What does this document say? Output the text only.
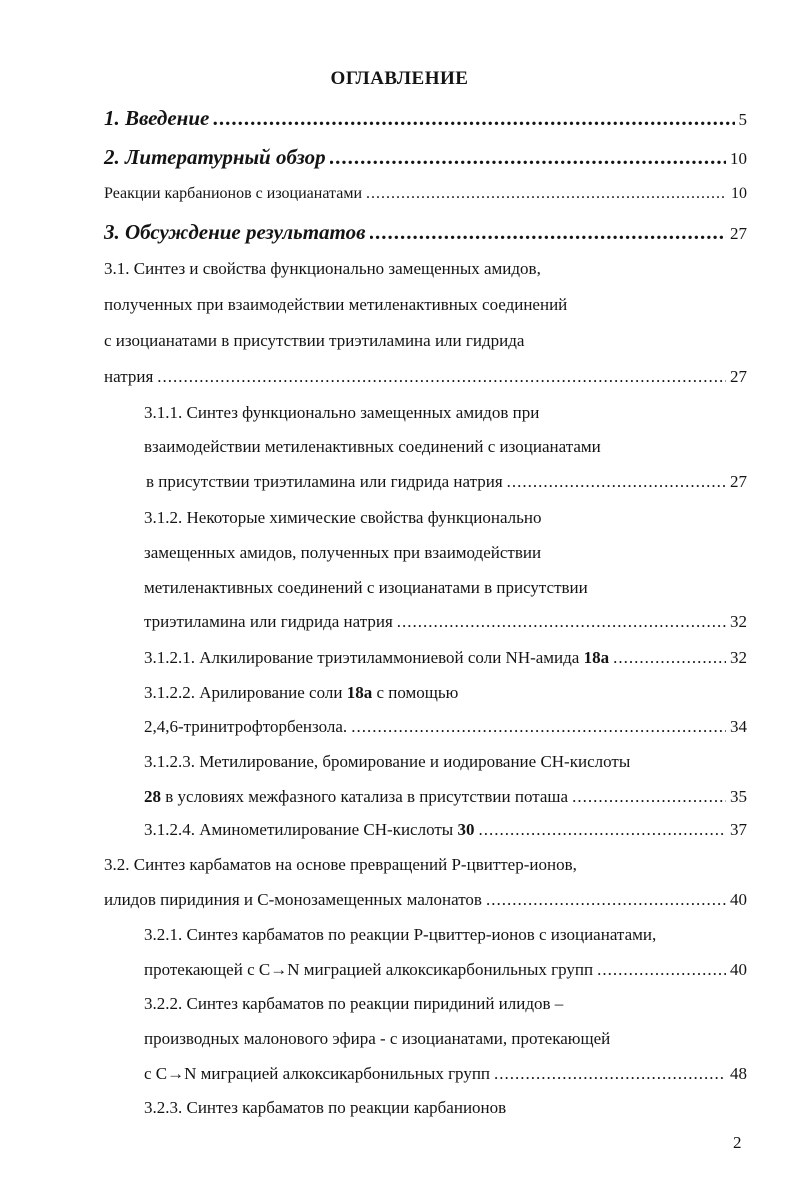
ОГЛАВЛЕНИЕ
1. Введение .....	5
2. Литературный обзор .....	10
Реакции карбанионов с изоцианатами .....	10
3. Обсуждение результатов .....	27
3.1. Синтез и свойства функционально замещенных амидов,
полученных при взаимодействии метиленактивных соединений
с изоцианатами в присутствии триэтиламина или гидрида
натрия .....	27
3.1.1. Синтез функционально замещенных амидов при
взаимодействии метиленактивных соединений с изоцианатами
в присутствии триэтиламина или гидрида натрия .....	27
3.1.2. Некоторые химические свойства функционально
замещенных амидов, полученных при взаимодействии
метиленактивных соединений с изоцианатами в присутствии
триэтиламина или гидрида натрия .....	32
3.1.2.1. Алкилирование триэтиламмониевой соли NH-амида 18a .....	32
3.1.2.2. Арилирование соли 18a с помощью
2,4,6-тринитрофторбензола. .....	34
3.1.2.3. Метилирование, бромирование и иодирование CH-кислоты
28 в условиях межфазного катализа в присутствии поташа .....	35
3.1.2.4. Аминометилирование CH-кислоты 30 .....	37
3.2. Синтез карбаматов на основе превращений P-цвиттер-ионов,
илидов пиридиния и C-монозамещенных малонатов .....	40
3.2.1. Синтез карбаматов по реакции P-цвиттер-ионов с изоцианатами,
протекающей с C→N миграцией алкоксикарбонильных групп .....	40
3.2.2. Синтез карбаматов по реакции пиридиний илидов –
производных малонового эфира - с изоцианатами, протекающей
с C→N миграцией алкоксикарбонильных групп .....	48
3.2.3. Синтез карбаматов по реакции карбанионов
2
